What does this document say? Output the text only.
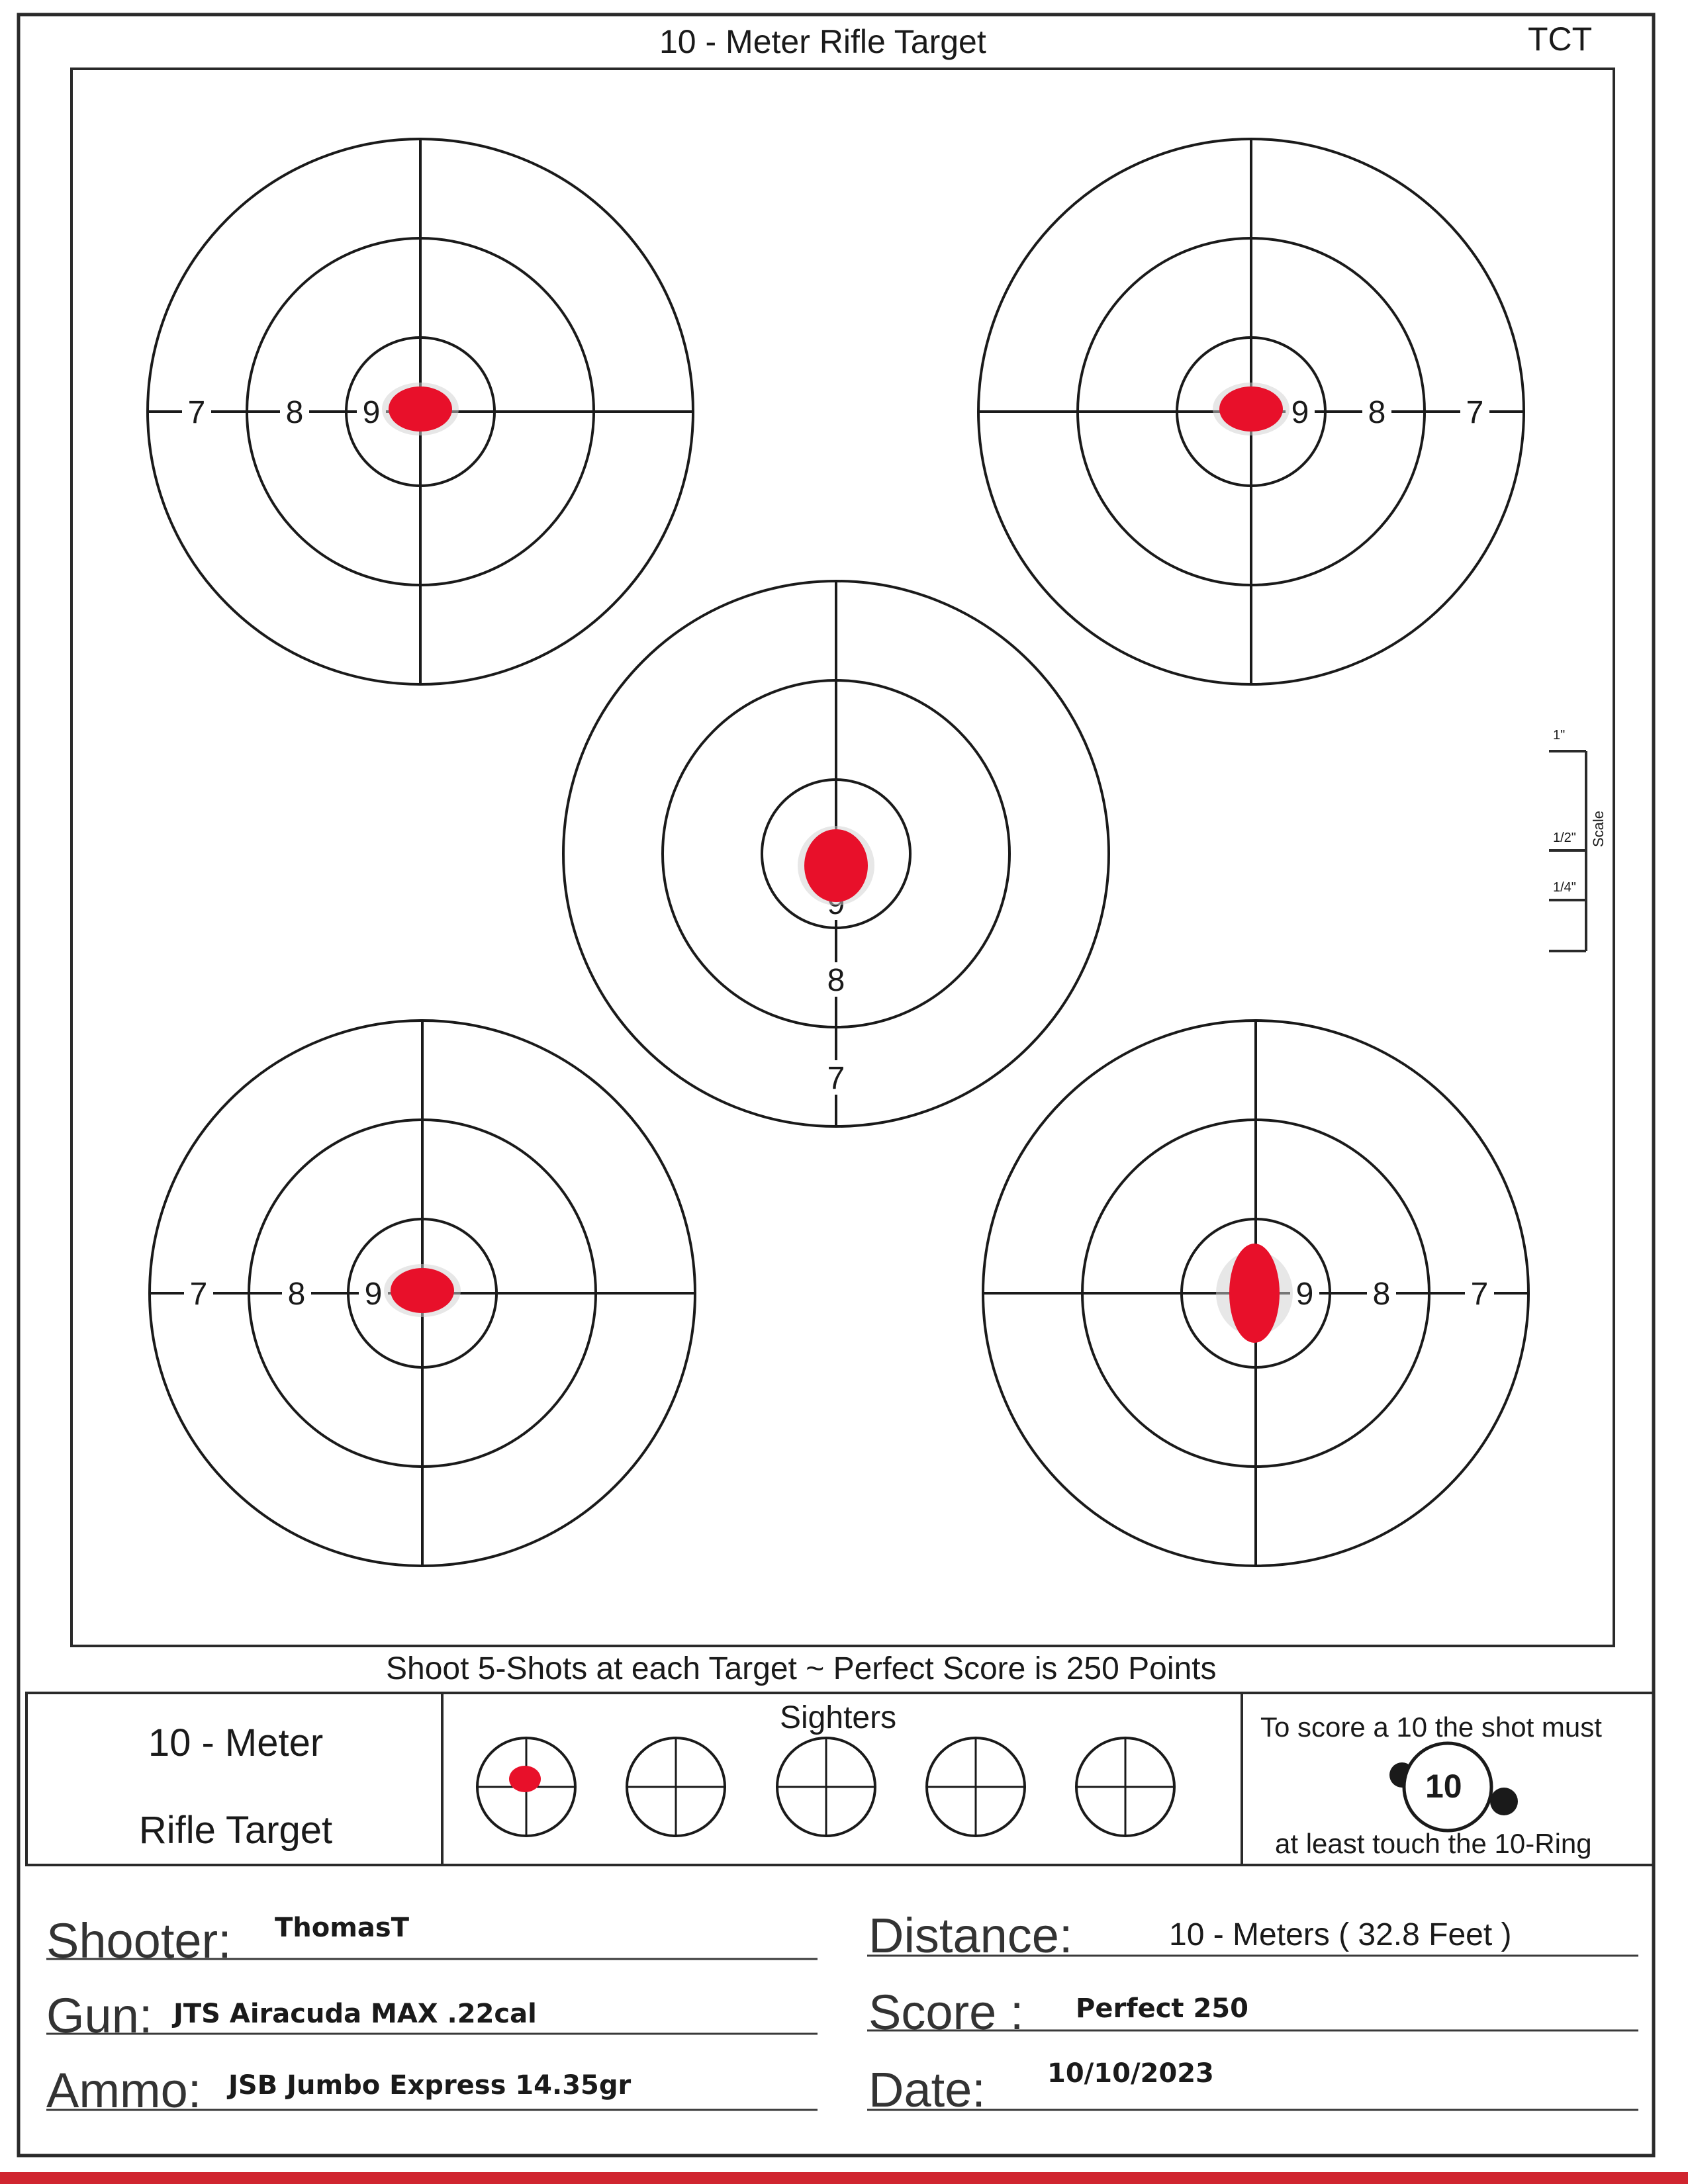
7	8 9	7
8
9
7
8
7	8 9	7
8
9
10 - Meter Rifle Target	TCT
1"
1/2"
1/4"
Scale
Shoot 5-Shots at each Target ~ Perfect Score is 250 Points
10 - Meter
Rifle Target
Sighters	To score a 10 the shot must
10
at least touch the 10-Ring
Shooter: ThomasT
Gun: JTS Airacuda MAX .22cal
Ammo: JSB Jumbo Express 14.35gr
Distance:	10 - Meters ( 32.8 Feet )
Score : Perfect 250
Date: 10/10/2023
